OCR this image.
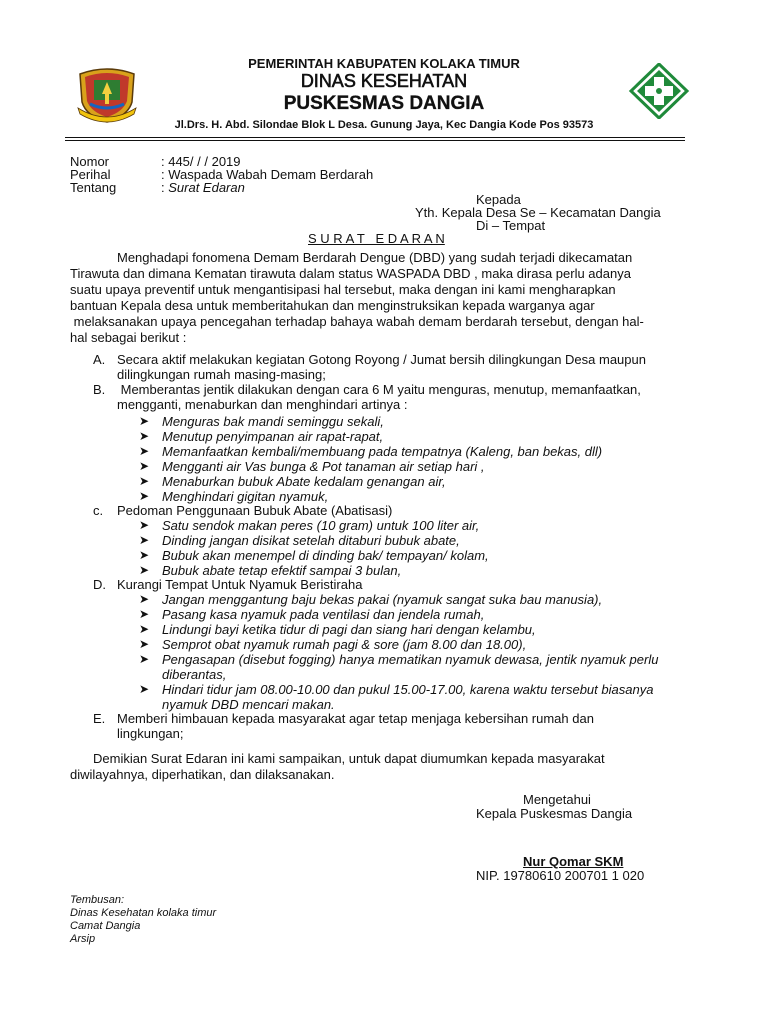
PEMERINTAH KABUPATEN KOLAKA TIMUR
DINAS KESEHATAN
PUSKESMAS DANGIA
Jl.Drs. H. Abd. Silondae Blok L Desa. Gunung Jaya, Kec Dangia Kode Pos 93573
Nomor	: 445/ / / 2019
Perihal	: Waspada Wabah Demam Berdarah
Tentang	: Surat Edaran
Kepada
Yth. Kepala Desa Se – Kecamatan Dangia
Di – Tempat
S U R A T   E D A R A N
Menghadapi fonomena Demam Berdarah Dengue (DBD) yang sudah terjadi dikecamatan
Tirawuta dan dimana Kematan tirawuta dalam status WASPADA DBD , maka dirasa perlu adanya
suatu upaya preventif untuk mengantisipasi hal tersebut, maka dengan ini kami mengharapkan
bantuan Kepala desa untuk memberitahukan dan menginstruksikan kepada warganya agar
melaksanakan upaya pencegahan terhadap bahaya wabah demam berdarah tersebut, dengan hal-
hal sebagai berikut :
A. Secara aktif melakukan kegiatan Gotong Royong / Jumat bersih dilingkungan Desa maupun
dilingkungan rumah masing-masing;
B. Memberantas jentik dilakukan dengan cara 6 M yaitu menguras, menutup, memanfaatkan,
mengganti, menaburkan dan menghindari artinya :
➤ Menguras bak mandi seminggu sekali,
➤ Menutup penyimpanan air rapat-rapat,
➤ Memanfaatkan kembali/membuang pada tempatnya (Kaleng, ban bekas, dll)
➤ Mengganti air Vas bunga & Pot tanaman air setiap hari ,
➤ Menaburkan bubuk Abate kedalam genangan air,
➤ Menghindari gigitan nyamuk,
c. Pedoman Penggunaan Bubuk Abate (Abatisasi)
➤ Satu sendok makan peres (10 gram) untuk 100 liter air,
➤ Dinding jangan disikat setelah ditaburi bubuk abate,
➤ Bubuk akan menempel di dinding bak/ tempayan/ kolam,
➤ Bubuk abate tetap efektif sampai 3 bulan,
D. Kurangi Tempat Untuk Nyamuk Beristiraha
➤ Jangan menggantung baju bekas pakai (nyamuk sangat suka bau manusia),
➤ Pasang kasa nyamuk pada ventilasi dan jendela rumah,
➤ Lindungi bayi ketika tidur di pagi dan siang hari dengan kelambu,
➤ Semprot obat nyamuk rumah pagi & sore (jam 8.00 dan 18.00),
➤ Pengasapan (disebut fogging) hanya mematikan nyamuk dewasa, jentik nyamuk perlu
diberantas,
➤ Hindari tidur jam 08.00-10.00 dan pukul 15.00-17.00, karena waktu tersebut biasanya
nyamuk DBD mencari makan.
E. Memberi himbauan kepada masyarakat agar tetap menjaga kebersihan rumah dan
lingkungan;
Demikian Surat Edaran ini kami sampaikan, untuk dapat diumumkan kepada masyarakat
diwilayahnya, diperhatikan, dan dilaksanakan.
Mengetahui
Kepala Puskesmas Dangia
Nur Qomar SKM
NIP. 19780610 200701 1 020
Tembusan:
Dinas Kesehatan kolaka timur
Camat Dangia
Arsip
